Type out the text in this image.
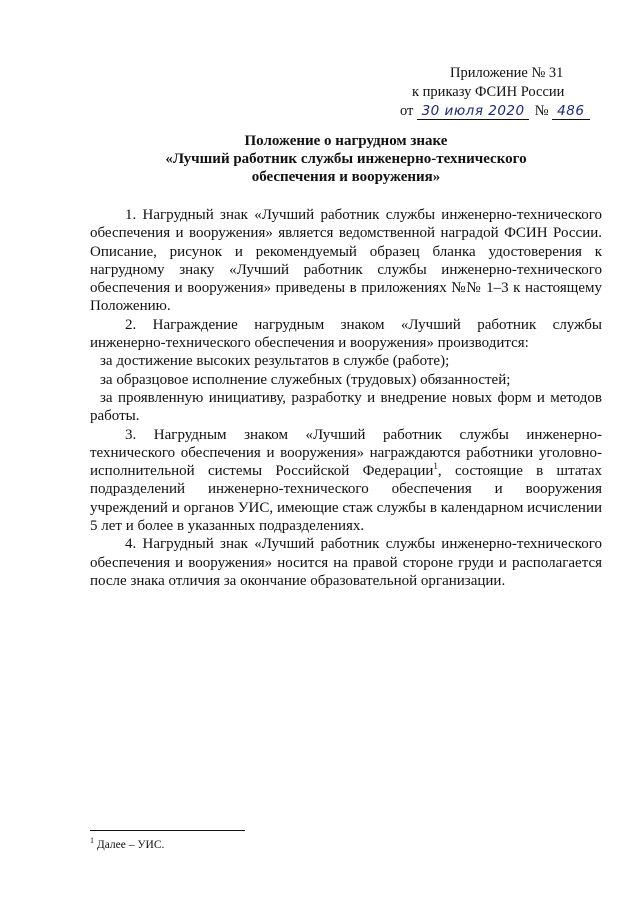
Приложение № 31
к приказу ФСИН России
от 30 июля 2020 № 486
Положение о нагрудном знаке
«Лучший работник службы инженерно-технического
обеспечения и вооружения»

1. Нагрудный знак «Лучший работник службы инженерно-технического обеспечения и вооружения» является ведомственной наградой ФСИН России. Описание, рисунок и рекомендуемый образец бланка удостоверения к нагрудному знаку «Лучший работник службы инженерно-технического обеспечения и вооружения» приведены в приложениях №№ 1–3 к настоящему Положению.

2. Награждение нагрудным знаком «Лучший работник службы инженерно-технического обеспечения и вооружения» производится:

за достижение высоких результатов в службе (работе);

за образцовое исполнение служебных (трудовых) обязанностей;

за проявленную инициативу, разработку и внедрение новых форм и методов работы.

3. Нагрудным знаком «Лучший работник службы инженерно-технического обеспечения и вооружения» награждаются работники уголовно-исполнительной системы Российской Федерации$^1$, состоящие в штатах подразделений инженерно-технического обеспечения и вооружения учреждений и органов УИС, имеющие стаж службы в календарном исчислении 5 лет и более в указанных подразделениях.

4. Нагрудный знак «Лучший работник службы инженерно-технического обеспечения и вооружения» носится на правой стороне груди и располагается после знака отличия за окончание образовательной организации.

$^1$ Далее – УИС.
